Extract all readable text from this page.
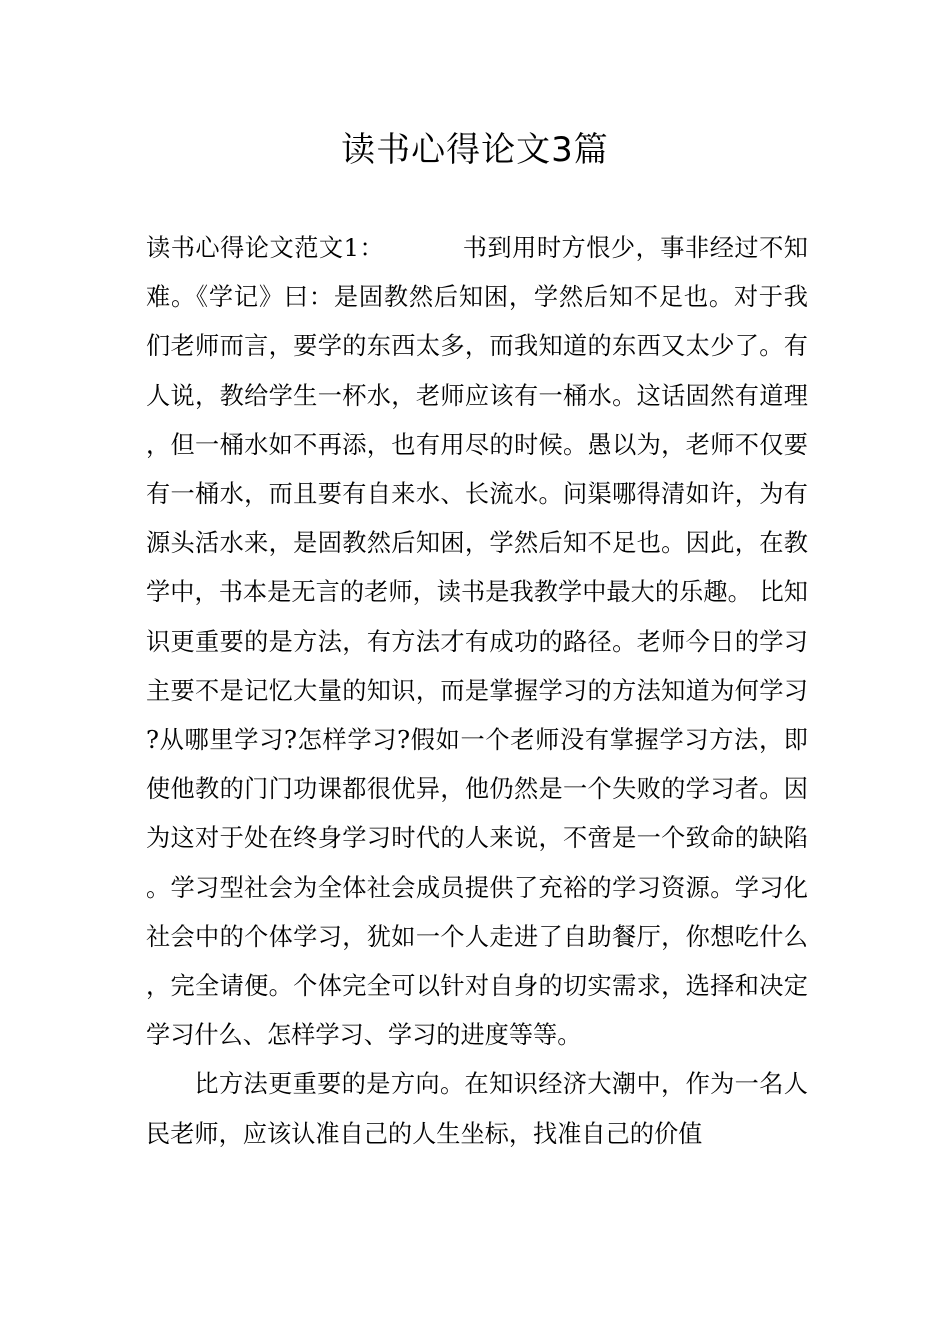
读书心得论文3篇

读书心得论文范文1：	书到用时方恨少，事非经过不知难。《学记》曰：是固教然后知困，学然后知不足也。对于我们老师而言，要学的东西太多，而我知道的东西又太少了。有人说，教给学生一杯水，老师应该有一桶水。这话固然有道理，但一桶水如不再添，也有用尽的时候。愚以为，老师不仅要有一桶水，而且要有自来水、长流水。问渠哪得清如许，为有源头活水来，是固教然后知困，学然后知不足也。因此，在教学中，书本是无言的老师，读书是我教学中最大的乐趣。 比知识更重要的是方法，有方法才有成功的路径。老师今日的学习主要不是记忆大量的知识，而是掌握学习的方法知道为何学习?从哪里学习?怎样学习?假如一个老师没有掌握学习方法，即使他教的门门功课都很优异，他仍然是一个失败的学习者。因为这对于处在终身学习时代的人来说，不啻是一个致命的缺陷。学习型社会为全体社会成员提供了充裕的学习资源。学习化社会中的个体学习，犹如一个人走进了自助餐厅，你想吃什么，完全请便。个体完全可以针对自身的切实需求，选择和决定学习什么、怎样学习、学习的进度等等。

比方法更重要的是方向。在知识经济大潮中，作为一名人民老师，应该认准自己的人生坐标，找准自己的价值
